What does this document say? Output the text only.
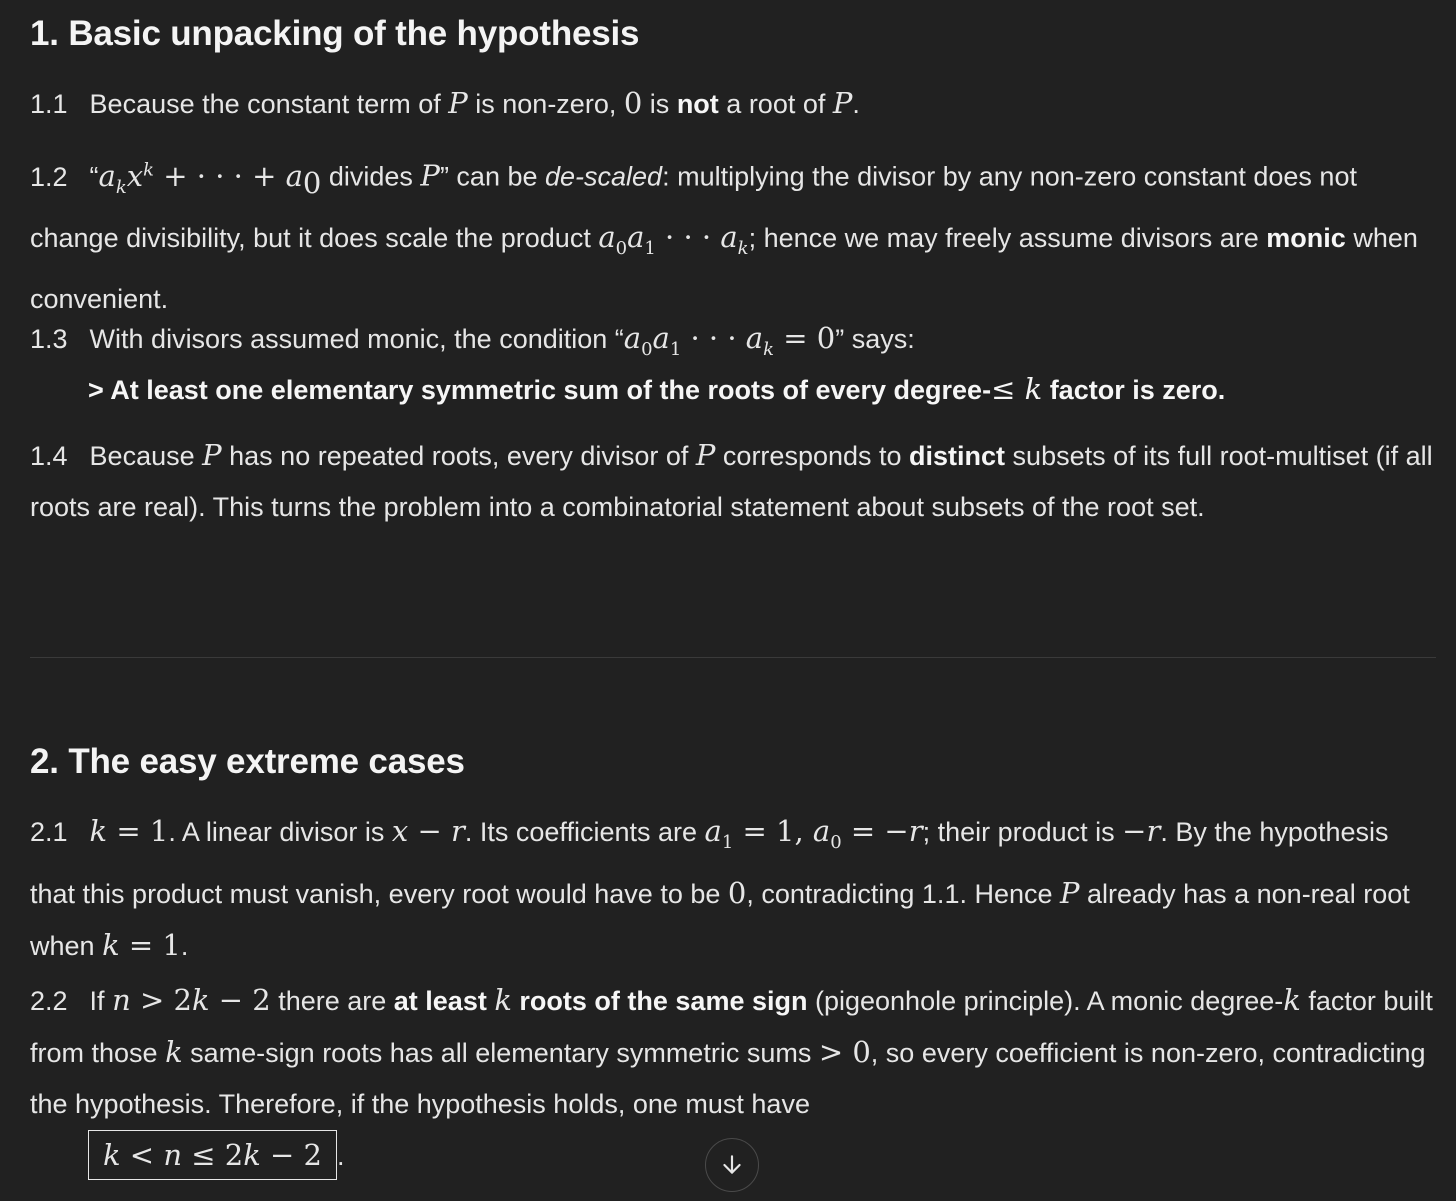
1. Basic unpacking of the hypothesis
1.1 Because the constant term of P is non-zero, 0 is not a root of P.
1.2 “$a_kx^k$ + · · · + $a_0$ divides P” can be de-scaled: multiplying the divisor by any non-zero constant does not change divisibility, but it does scale the product $a_0a_1$ · · · $a_k$; hence we may freely assume divisors are monic when convenient.
1.3 With divisors assumed monic, the condition “$a_0a_1$ · · · $a_k = 0$” says:
> At least one elementary symmetric sum of the roots of every degree-≤ k factor is zero.
1.4 Because P has no repeated roots, every divisor of P corresponds to distinct subsets of its full root-multiset (if all roots are real). This turns the problem into a combinatorial statement about subsets of the root set.
2. The easy extreme cases
2.1 k = 1. A linear divisor is x − r. Its coefficients are $a_1 = 1$, $a_0 = -r$; their product is −r. By the hypothesis that this product must vanish, every root would have to be 0, contradicting 1.1. Hence P already has a non-real root when k = 1.
2.2 If n > 2k − 2 there are at least k roots of the same sign (pigeonhole principle). A monic degree-k factor built from those k same-sign roots has all elementary symmetric sums > 0, so every coefficient is non-zero, contradicting the hypothesis. Therefore, if the hypothesis holds, one must have
k < n ≤ 2k − 2 .
